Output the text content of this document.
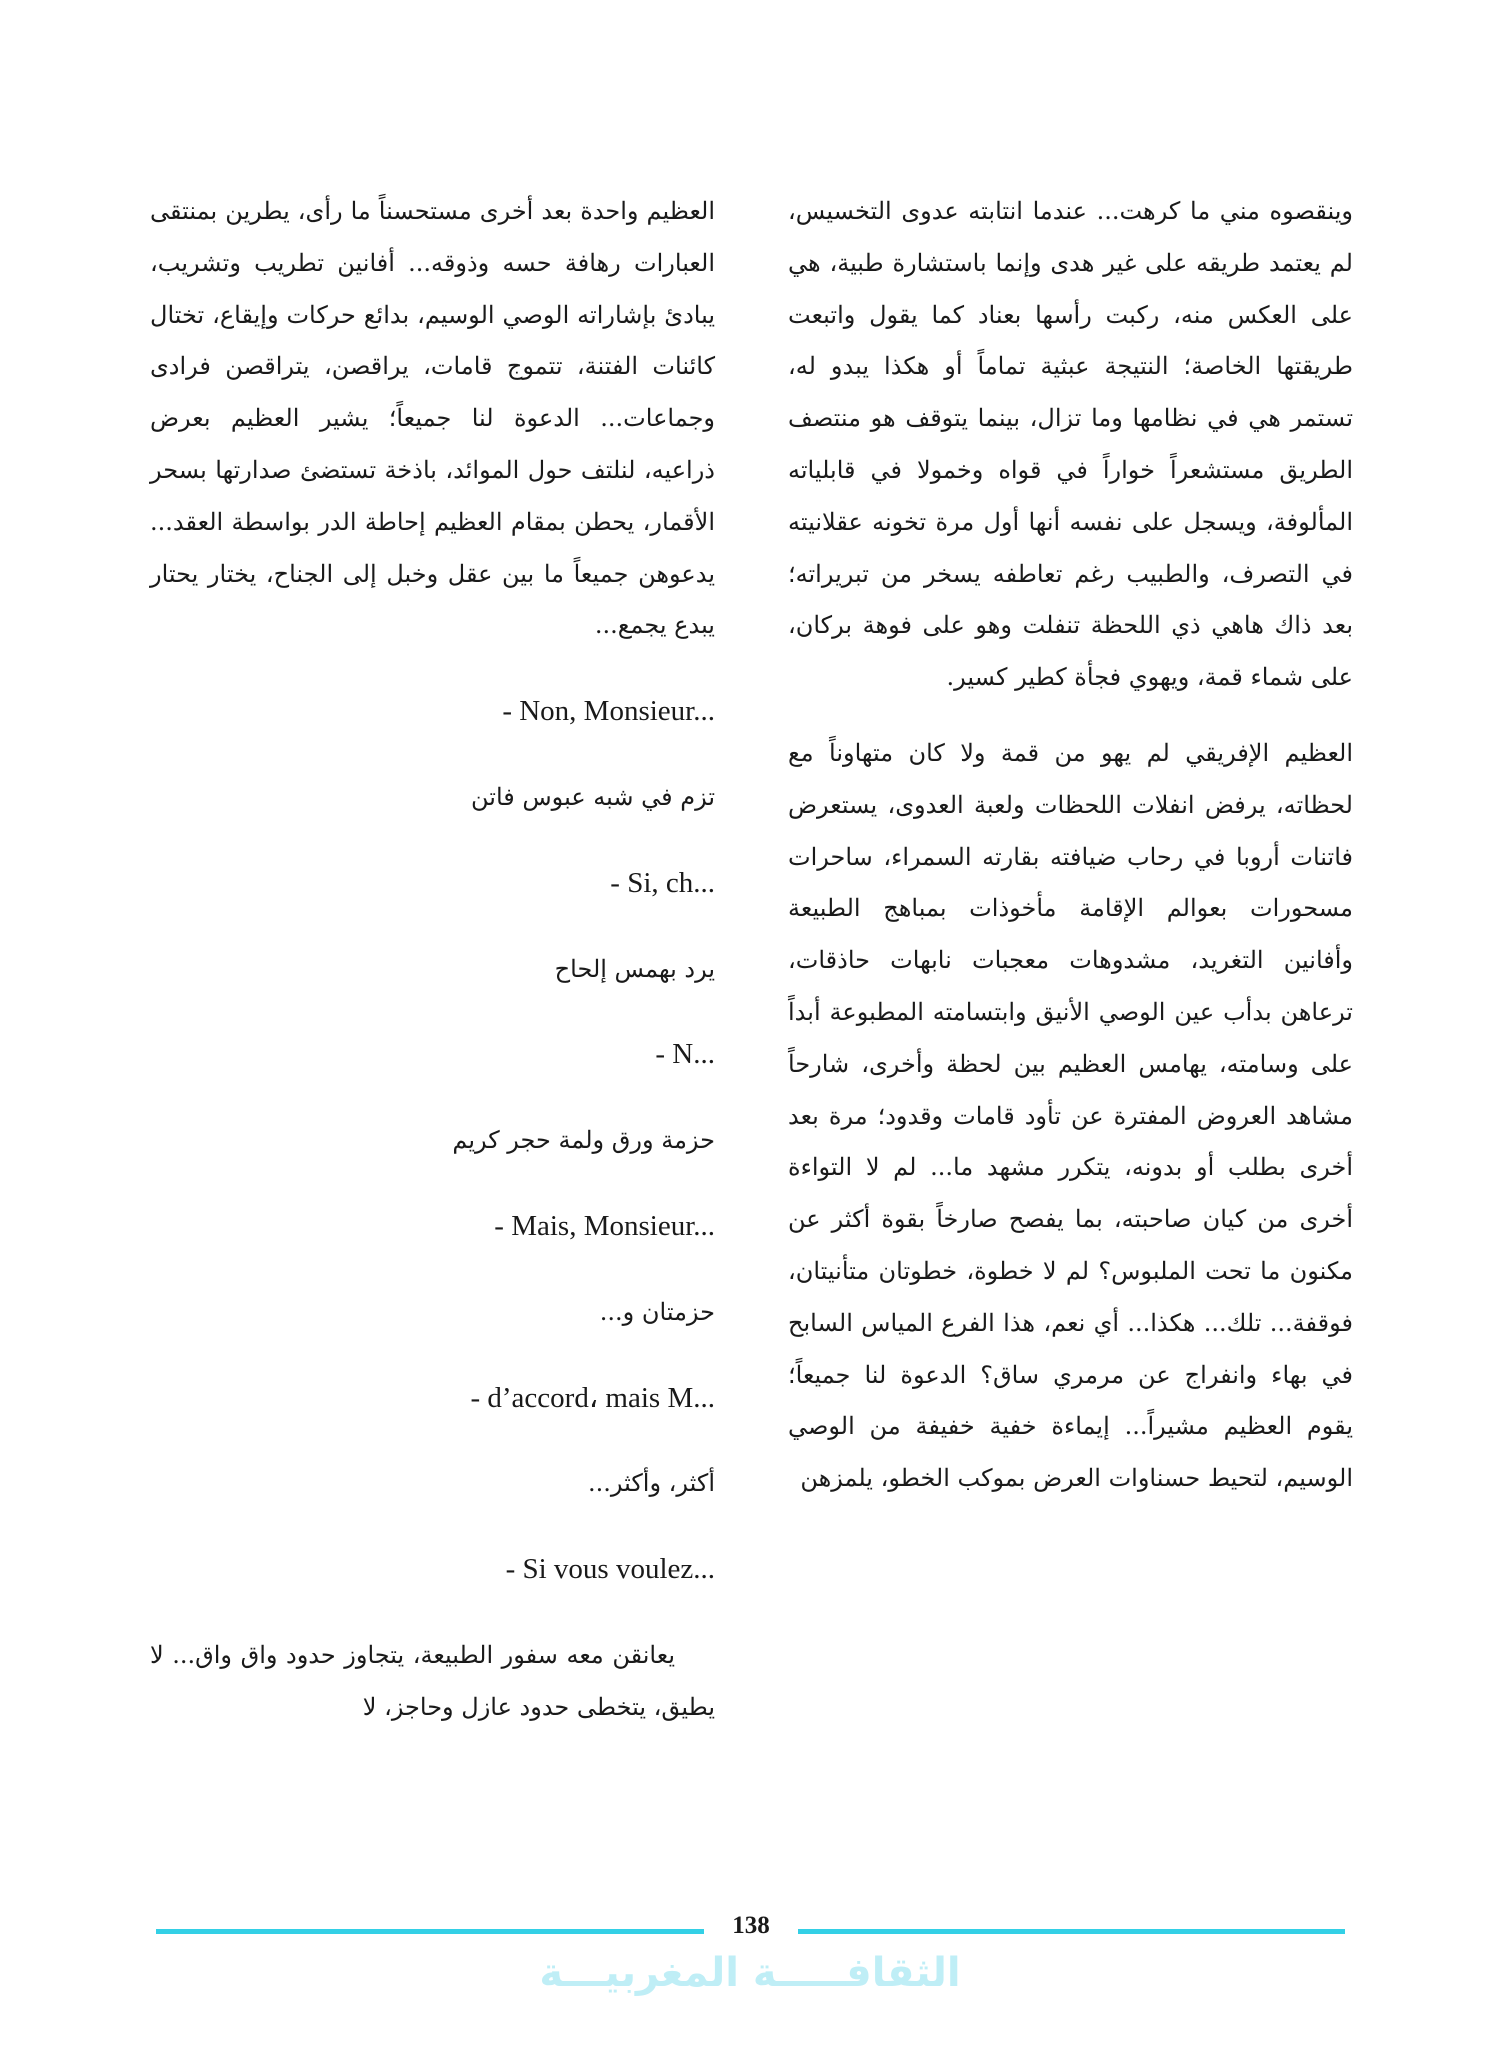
وينقصوه مني ما كرهت... عندما انتابته عدوى التخسيس، لم يعتمد طريقه على غير هدى وإنما باستشارة طبية، هي على العكس منه، ركبت رأسها بعناد كما يقول واتبعت طريقتها الخاصة؛ النتيجة عبثية تماماً أو هكذا يبدو له، تستمر هي في نظامها وما تزال، بينما يتوقف هو منتصف الطريق مستشعراً خواراً في قواه وخمولا في قابلياته المألوفة، ويسجل على نفسه أنها أول مرة تخونه عقلانيته في التصرف، والطبيب رغم تعاطفه يسخر من تبريراته؛ بعد ذاك هاهي ذي اللحظة تنفلت وهو على فوهة بركان، على شماء قمة، ويهوي فجأة كطير كسير.

العظيم الإفريقي لم يهو من قمة ولا كان متهاوناً مع لحظاته، يرفض انفلات اللحظات ولعبة العدوى، يستعرض فاتنات أروبا في رحاب ضيافته بقارته السمراء، ساحرات مسحورات بعوالم الإقامة مأخوذات بمباهج الطبيعة وأفانين التغريد، مشدوهات معجبات نابهات حاذقات، ترعاهن بدأب عين الوصي الأنيق وابتسامته المطبوعة أبداً على وسامته، يهامس العظيم بين لحظة وأخرى، شارحاً مشاهد العروض المفترة عن تأود قامات وقدود؛ مرة بعد أخرى بطلب أو بدونه، يتكرر مشهد ما... لم لا التواءة أخرى من كيان صاحبته، بما يفصح صارخاً بقوة أكثر عن مكنون ما تحت الملبوس؟ لم لا خطوة، خطوتان متأنيتان، فوقفة... تلك... هكذا... أي نعم، هذا الفرع المياس السابح في بهاء وانفراج عن مرمري ساق؟ الدعوة لنا جميعاً؛ يقوم العظيم مشيراً... إيماءة خفية خفيفة من الوصي الوسيم، لتحيط حسناوات العرض بموكب الخطو، يلمزهن

العظيم واحدة بعد أخرى مستحسناً ما رأى، يطرين بمنتقى العبارات رهافة حسه وذوقه... أفانين تطريب وتشريب، يبادئ بإشاراته الوصي الوسيم، بدائع حركات وإيقاع، تختال كائنات الفتنة، تتموج قامات، يراقصن، يتراقصن فرادى وجماعات... الدعوة لنا جميعاً؛ يشير العظيم بعرض ذراعيه، لنلتف حول الموائد، باذخة تستضئ صدارتها بسحر الأقمار، يحطن بمقام العظيم إحاطة الدر بواسطة العقد... يدعوهن جميعاً ما بين عقل وخبل إلى الجناح، يختار يحتار يبدع يجمع...

- Non, Monsieur...

تزم في شبه عبوس فاتن

- Si, ch...

يرد بهمس إلحاح

- N...

حزمة ورق ولمة حجر كريم

- Mais, Monsieur...

حزمتان و...

- d’accord، mais M...

أكثر، وأكثر...

- Si vous voulez...

يعانقن معه سفور الطبيعة، يتجاوز حدود واق واق... لا يطيق، يتخطى حدود عازل وحاجز، لا

138
الثقافـــــة المغربيـــة
